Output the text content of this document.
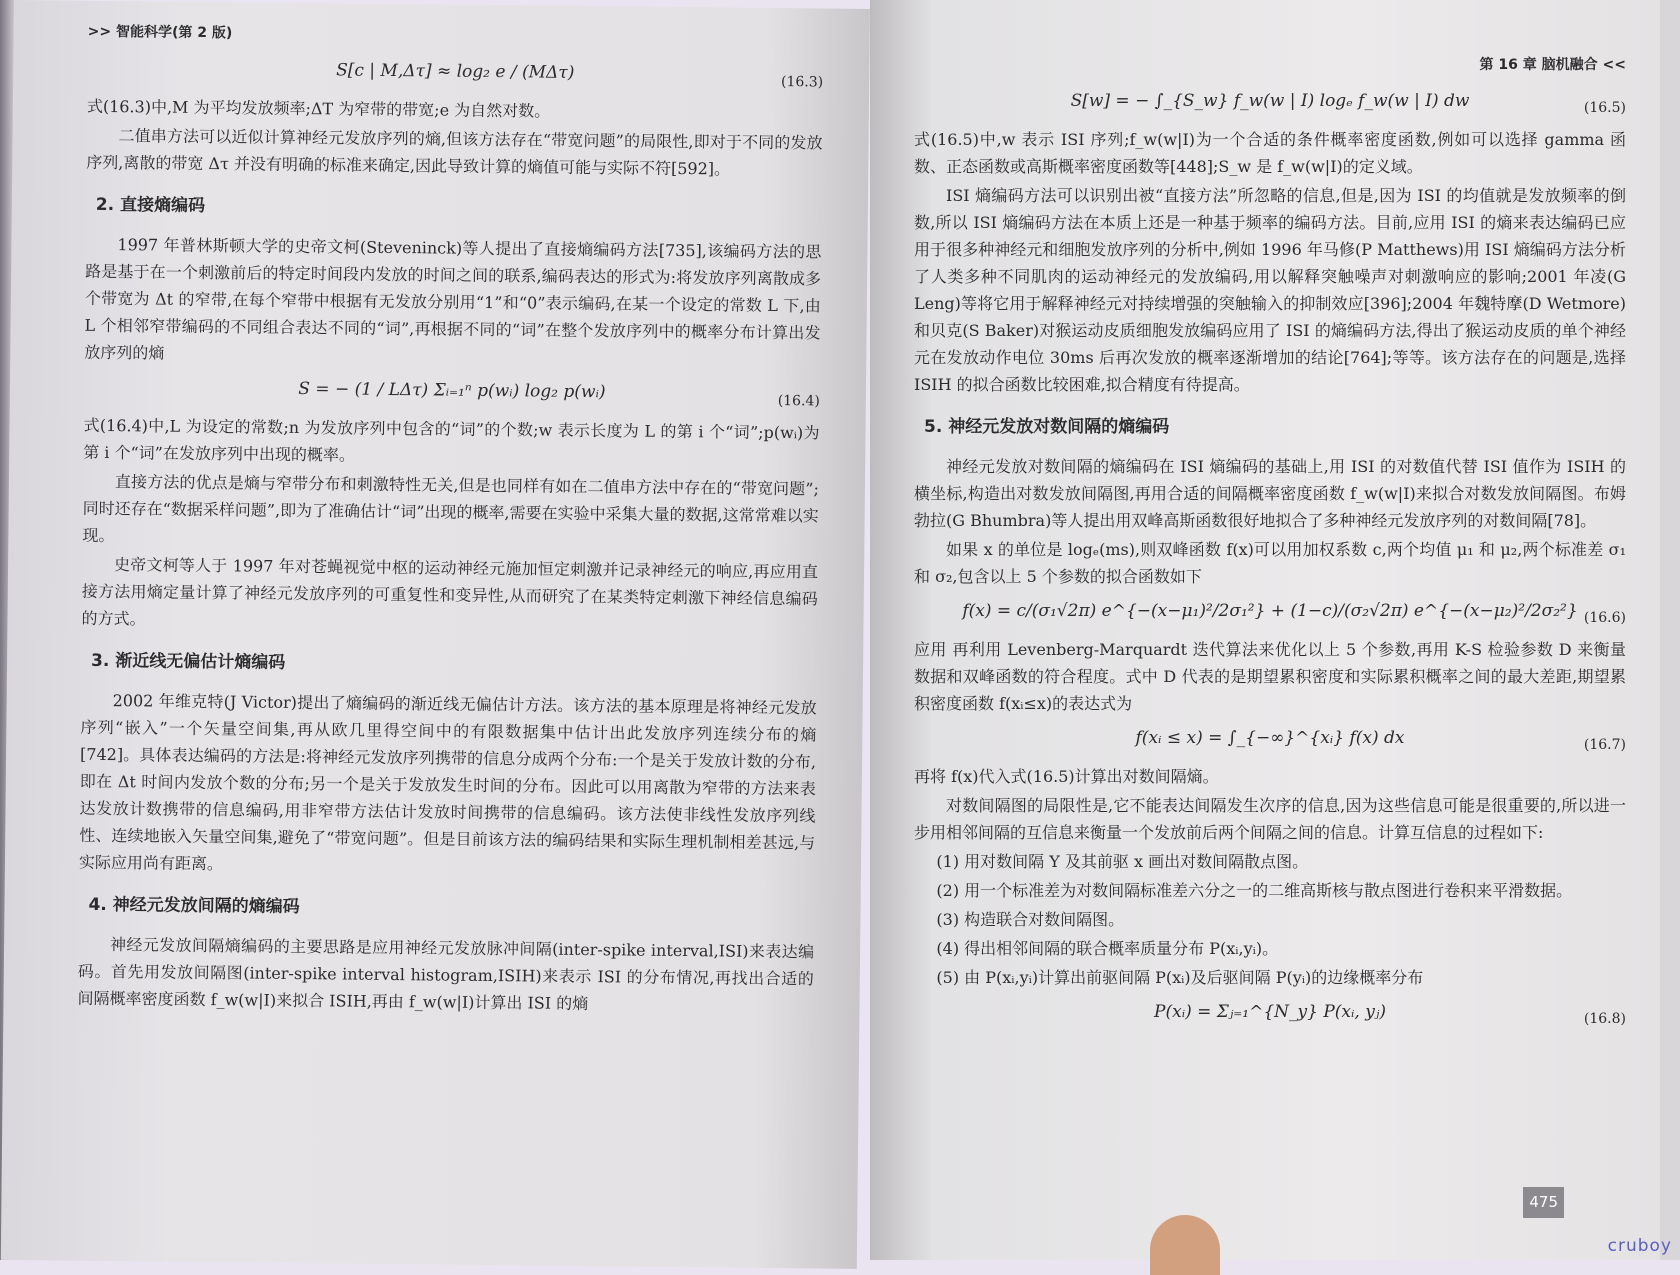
>> 智能科学(第 2 版)
S[c | M,Δτ] ≈ log₂ e / (MΔτ)	(16.3)

式(16.3)中,M 为平均发放频率;ΔT 为窄带的带宽;e 为自然对数。

二值串方法可以近似计算神经元发放序列的熵,但该方法存在“带宽问题”的局限性,即对于不同的发放序列,离散的带宽 Δτ 并没有明确的标准来确定,因此导致计算的熵值可能与实际不符[592]。

2. 直接熵编码

1997 年普林斯顿大学的史帝文柯(Steveninck)等人提出了直接熵编码方法[735],该编码方法的思路是基于在一个刺激前后的特定时间段内发放的时间之间的联系,编码表达的形式为:将发放序列离散成多个带宽为 Δt 的窄带,在每个窄带中根据有无发放分别用“1”和“0”表示编码,在某一个设定的常数 L 下,由 L 个相邻窄带编码的不同组合表达不同的“词”,再根据不同的“词”在整个发放序列中的概率分布计算出发放序列的熵

S = − (1 / LΔτ) Σᵢ₌₁ⁿ p(wᵢ) log₂ p(wᵢ)	(16.4)

式(16.4)中,L 为设定的常数;n 为发放序列中包含的“词”的个数;w 表示长度为 L 的第 i 个“词”;p(wᵢ)为第 i 个“词”在发放序列中出现的概率。

直接方法的优点是熵与窄带分布和刺激特性无关,但是也同样有如在二值串方法中存在的“带宽问题”;同时还存在“数据采样问题”,即为了准确估计“词”出现的概率,需要在实验中采集大量的数据,这常常难以实现。

史帝文柯等人于 1997 年对苍蝇视觉中枢的运动神经元施加恒定刺激并记录神经元的响应,再应用直接方法用熵定量计算了神经元发放序列的可重复性和变异性,从而研究了在某类特定刺激下神经信息编码的方式。

3. 渐近线无偏估计熵编码

2002 年维克特(J Victor)提出了熵编码的渐近线无偏估计方法。该方法的基本原理是将神经元发放序列“嵌入”一个矢量空间集,再从欧几里得空间中的有限数据集中估计出此发放序列连续分布的熵[742]。具体表达编码的方法是:将神经元发放序列携带的信息分成两个分布:一个是关于发放计数的分布,即在 Δt 时间内发放个数的分布;另一个是关于发放发生时间的分布。因此可以用离散为窄带的方法来表达发放计数携带的信息编码,用非窄带方法估计发放时间携带的信息编码。该方法使非线性发放序列线性、连续地嵌入矢量空间集,避免了“带宽问题”。但是目前该方法的编码结果和实际生理机制相差甚远,与实际应用尚有距离。

4. 神经元发放间隔的熵编码

神经元发放间隔熵编码的主要思路是应用神经元发放脉冲间隔(inter-spike interval,ISI)来表达编码。首先用发放间隔图(inter-spike interval histogram,ISIH)来表示 ISI 的分布情况,再找出合适的间隔概率密度函数 f_w(w|I)来拟合 ISIH,再由 f_w(w|I)计算出 ISI 的熵

第 16 章 脑机融合 <<
S[w] = − ∫_{S_w} f_w(w | I) logₑ f_w(w | I) dw	(16.5)

式(16.5)中,w 表示 ISI 序列;f_w(w|I)为一个合适的条件概率密度函数,例如可以选择 gamma 函数、正态函数或高斯概率密度函数等[448];S_w 是 f_w(w|I)的定义域。

ISI 熵编码方法可以识别出被“直接方法”所忽略的信息,但是,因为 ISI 的均值就是发放频率的倒数,所以 ISI 熵编码方法在本质上还是一种基于频率的编码方法。目前,应用 ISI 的熵来表达编码已应用于很多种神经元和细胞发放序列的分析中,例如 1996 年马修(P Matthews)用 ISI 熵编码方法分析了人类多种不同肌肉的运动神经元的发放编码,用以解释突触噪声对刺激响应的影响;2001 年凌(G Leng)等将它用于解释神经元对持续增强的突触输入的抑制效应[396];2004 年魏特摩(D Wetmore)和贝克(S Baker)对猴运动皮质细胞发放编码应用了 ISI 的熵编码方法,得出了猴运动皮质的单个神经元在发放动作电位 30ms 后再次发放的概率逐渐增加的结论[764];等等。该方法存在的问题是,选择 ISIH 的拟合函数比较困难,拟合精度有待提高。

5. 神经元发放对数间隔的熵编码

神经元发放对数间隔的熵编码在 ISI 熵编码的基础上,用 ISI 的对数值代替 ISI 值作为 ISIH 的横坐标,构造出对数发放间隔图,再用合适的间隔概率密度函数 f_w(w|I)来拟合对数发放间隔图。布姆勃拉(G Bhumbra)等人提出用双峰高斯函数很好地拟合了多种神经元发放序列的对数间隔[78]。

如果 x 的单位是 logₑ(ms),则双峰函数 f(x)可以用加权系数 c,两个均值 μ₁ 和 μ₂,两个标准差 σ₁ 和 σ₂,包含以上 5 个参数的拟合函数如下

f(x) = c/(σ₁√2π) e^{−(x−μ₁)²/2σ₁²} + (1−c)/(σ₂√2π) e^{−(x−μ₂)²/2σ₂²} (16.6)

应用 再利用 Levenberg-Marquardt 迭代算法来优化以上 5 个参数,再用 K-S 检验参数 D 来衡量数据和双峰函数的符合程度。式中 D 代表的是期望累积密度和实际累积概率之间的最大差距,期望累积密度函数 f(xᵢ≤x)的表达式为

f(xᵢ ≤ x) = ∫_{−∞}^{xᵢ} f(x) dx	(16.7)

再将 f(x)代入式(16.5)计算出对数间隔熵。

对数间隔图的局限性是,它不能表达间隔发生次序的信息,因为这些信息可能是很重要的,所以进一步用相邻间隔的互信息来衡量一个发放前后两个间隔之间的信息。计算互信息的过程如下:

(1) 用对数间隔 Y 及其前驱 x 画出对数间隔散点图。
(2) 用一个标准差为对数间隔标准差六分之一的二维高斯核与散点图进行卷积来平滑数据。
(3) 构造联合对数间隔图。
(4) 得出相邻间隔的联合概率质量分布 P(xᵢ,yᵢ)。
(5) 由 P(xᵢ,yᵢ)计算出前驱间隔 P(xᵢ)及后驱间隔 P(yᵢ)的边缘概率分布
P(xᵢ) = Σⱼ₌₁^{N_y} P(xᵢ, yⱼ)	(16.8)
475
cruboy
